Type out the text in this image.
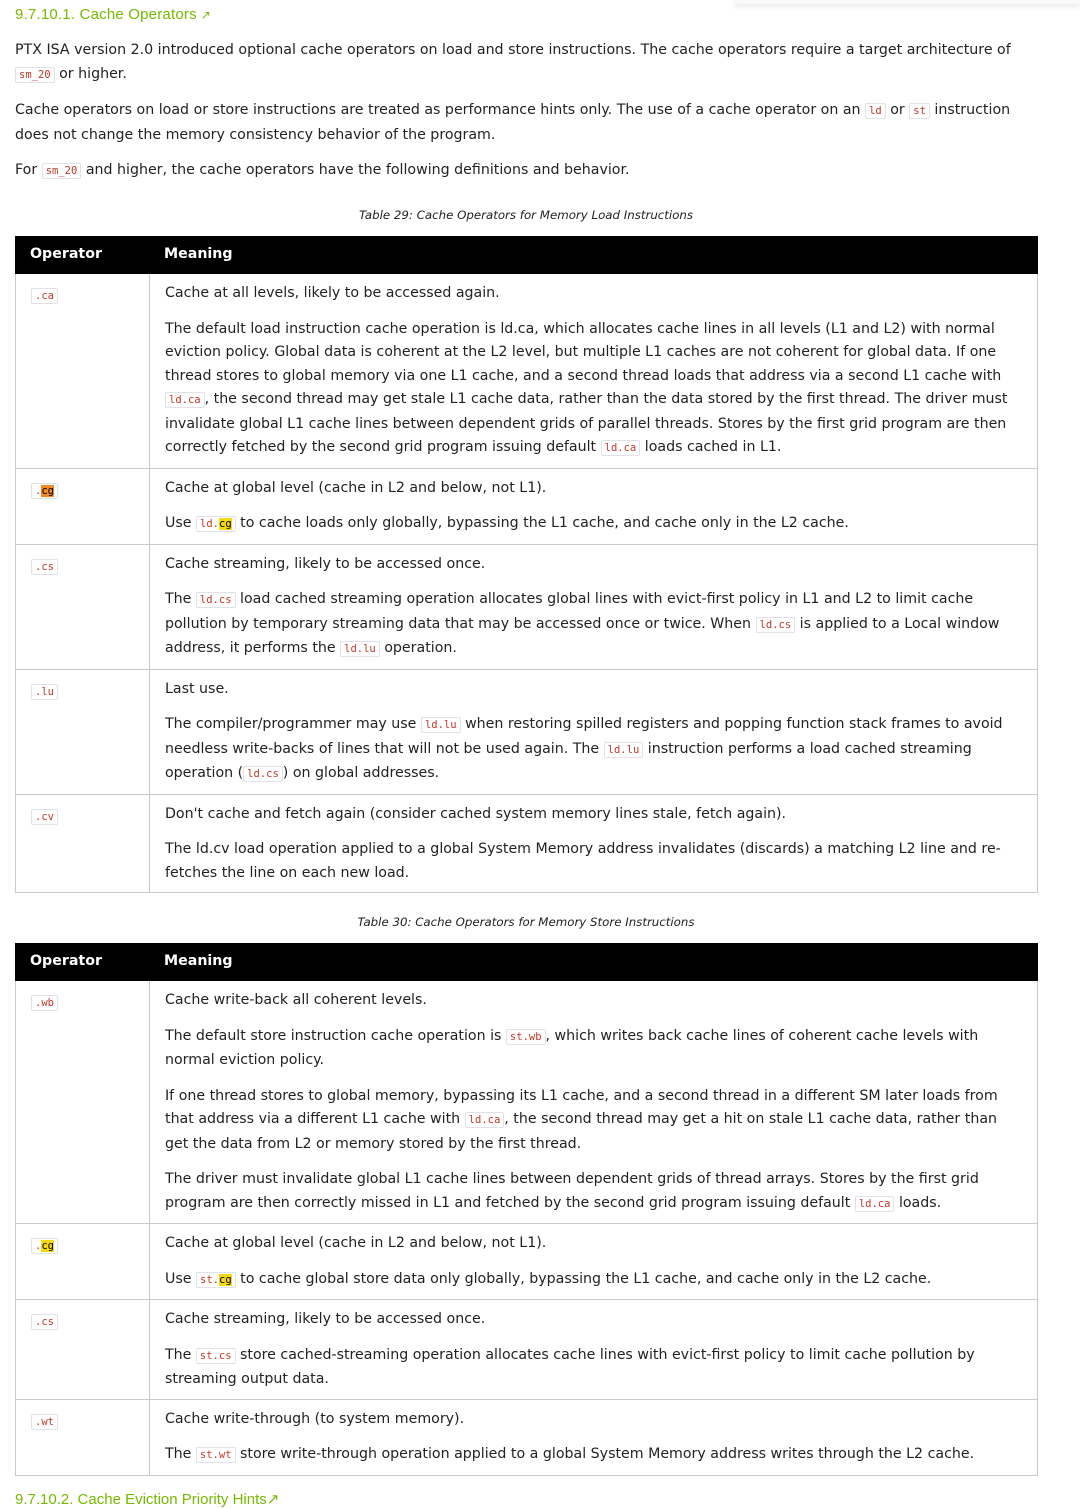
9.7.10.1. Cache Operators ↗
PTX ISA version 2.0 introduced optional cache operators on load and store instructions. The cache operators require a target architecture of
sm_20 or higher.
Cache operators on load or store instructions are treated as performance hints only. The use of a cache operator on an ld or st instruction does not change the memory consistency behavior of the program.
For sm_20 and higher, the cache operators have the following definitions and behavior.
Table 29: Cache Operators for Memory Load Instructions
Operator	Meaning
.ca	Cache at all levels, likely to be accessed again.

The default load instruction cache operation is ld.ca, which allocates cache lines in all levels (L1 and L2) with normal eviction policy. Global data is coherent at the L2 level, but multiple L1 caches are not coherent for global data. If one thread stores to global memory via one L1 cache, and a second thread loads that address via a second L1 cache with ld.ca , the second thread may get stale L1 cache data, rather than the data stored by the first thread. The driver must invalidate global L1 cache lines between dependent grids of parallel threads. Stores by the first grid program are then correctly fetched by the second grid program issuing default ld.ca loads cached in L1.

.cg	Cache at global level (cache in L2 and below, not L1).

Use ld.cg to cache loads only globally, bypassing the L1 cache, and cache only in the L2 cache.

.cs	Cache streaming, likely to be accessed once.

The ld.cs load cached streaming operation allocates global lines with evict-first policy in L1 and L2 to limit cache pollution by temporary streaming data that may be accessed once or twice. When ld.cs is applied to a Local window address, it performs the ld.lu operation.

.lu	Last use.

The compiler/programmer may use ld.lu when restoring spilled registers and popping function stack frames to avoid needless write-backs of lines that will not be used again. The ld.lu instruction performs a load cached streaming operation ( ld.cs ) on global addresses.

.cv	Don't cache and fetch again (consider cached system memory lines stale, fetch again).

The ld.cv load operation applied to a global System Memory address invalidates (discards) a matching L2 line and re-fetches the line on each new load.

Table 30: Cache Operators for Memory Store Instructions
Operator	Meaning
.wb	Cache write-back all coherent levels.

The default store instruction cache operation is st.wb , which writes back cache lines of coherent cache levels with normal eviction policy.

If one thread stores to global memory, bypassing its L1 cache, and a second thread in a different SM later loads from that address via a different L1 cache with ld.ca , the second thread may get a hit on stale L1 cache data, rather than get the data from L2 or memory stored by the first thread.

The driver must invalidate global L1 cache lines between dependent grids of thread arrays. Stores by the first grid program are then correctly missed in L1 and fetched by the second grid program issuing default ld.ca loads.

.cg	Cache at global level (cache in L2 and below, not L1).

Use st.cg to cache global store data only globally, bypassing the L1 cache, and cache only in the L2 cache.

.cs	Cache streaming, likely to be accessed once.

The st.cs store cached-streaming operation allocates cache lines with evict-first policy to limit cache pollution by streaming output data.

.wt	Cache write-through (to system memory).

The st.wt store write-through operation applied to a global System Memory address writes through the L2 cache.

9.7.10.2. Cache Eviction Priority Hints↗
